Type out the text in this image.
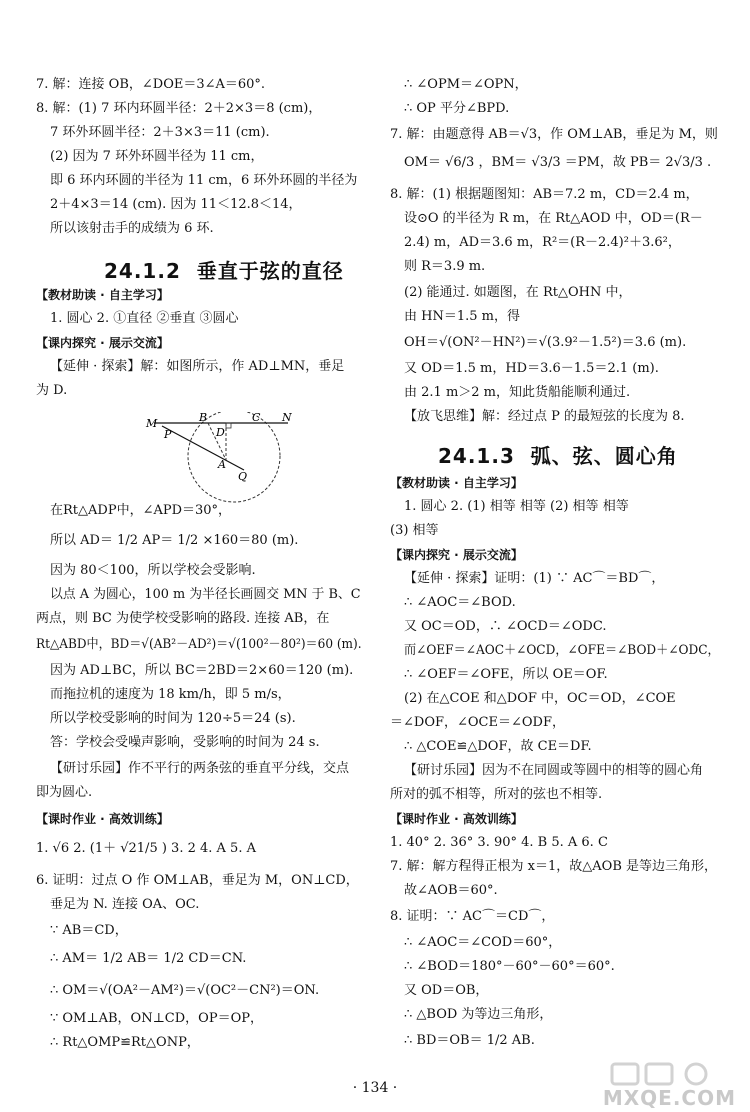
7. 解：连接 OB，∠DOE＝3∠A＝60°.
8. 解：(1) 7 环内环圆半径：2＋2×3＝8 (cm)，
7 环外环圆半径：2＋3×3＝11 (cm).
(2) 因为 7 环外环圆半径为 11 cm，
即 6 环内环圆的半径为 11 cm，6 环外环圆的半径为
2＋4×3＝14 (cm). 因为 11＜12.8＜14，
所以该射击手的成绩为 6 环.
【教材助读 · 自主学习】
1. 圆心 2. ①直径 ②垂直 ③圆心
【课内探究 · 展示交流】
【延伸 · 探索】解：如图所示，作 AD⊥MN，垂足
为 D.
在Rt△ADP中，∠APD＝30°，
所以 AD＝ 1/2 AP＝ 1/2 ×160＝80 (m).
因为 80＜100，所以学校会受影响.
以点 A 为圆心，100 m 为半径长画圆交 MN 于 B、C
两点，则 BC 为使学校受影响的路段. 连接 AB，在
Rt△ABD中，BD＝√(AB²－AD²)＝√(100²－80²)＝60 (m).
因为 AD⊥BC，所以 BC＝2BD＝2×60＝120 (m).
而拖拉机的速度为 18 km/h，即 5 m/s，
所以学校受影响的时间为 120÷5＝24 (s).
答：学校会受噪声影响，受影响的时间为 24 s.
【研讨乐园】作不平行的两条弦的垂直平分线，交点
即为圆心.
【课时作业 · 高效训练】
1. √6 2. (1＋ √21/5 ) 3. 2 4. A 5. A
6. 证明：过点 O 作 OM⊥AB，垂足为 M，ON⊥CD，
垂足为 N. 连接 OA、OC.
∵ AB＝CD，
∴ AM＝ 1/2 AB＝ 1/2 CD＝CN.
∴ OM＝√(OA²－AM²)＝√(OC²－CN²)＝ON.
∵ OM⊥AB，ON⊥CD，OP＝OP，
∴ Rt△OMP≌Rt△ONP，
∴ ∠OPM＝∠OPN，
∴ OP 平分∠BPD.
7. 解：由题意得 AB＝√3，作 OM⊥AB，垂足为 M，则
OM＝ √6/3 ，BM＝ √3/3 ＝PM，故 PB＝ 2√3/3 .
8. 解：(1) 根据题图知：AB＝7.2 m，CD＝2.4 m，
设⊙O 的半径为 R m，在 Rt△AOD 中，OD＝(R－
2.4) m，AD＝3.6 m，R²＝(R－2.4)²＋3.6²，
则 R＝3.9 m.
(2) 能通过. 如题图，在 Rt△OHN 中，
由 HN＝1.5 m，得
OH＝√(ON²－HN²)＝√(3.9²－1.5²)＝3.6 (m).
又 OD＝1.5 m，HD＝3.6－1.5＝2.1 (m).
由 2.1 m＞2 m，知此货船能顺利通过.
【放飞思维】解：经过点 P 的最短弦的长度为 8.
【教材助读 · 自主学习】
1. 圆心 2. (1) 相等 相等 (2) 相等 相等
(3) 相等
【课内探究 · 展示交流】
【延伸 · 探索】证明：(1) ∵ AC⌒＝BD⌒，
∴ ∠AOC＝∠BOD.
又 OC＝OD，∴ ∠OCD＝∠ODC.
而∠OEF＝∠AOC＋∠OCD，∠OFE＝∠BOD＋∠ODC，
∴ ∠OEF＝∠OFE，所以 OE＝OF.
(2) 在△COE 和△DOF 中，OC＝OD，∠COE
＝∠DOF，∠OCE＝∠ODF，
∴ △COE≌△DOF，故 CE＝DF.
【研讨乐园】因为不在同圆或等圆中的相等的圆心角
所对的弧不相等，所对的弦也不相等.
【课时作业 · 高效训练】
1. 40° 2. 36° 3. 90° 4. B 5. A 6. C
7. 解：解方程得正根为 x＝1，故△AOB 是等边三角形，
故∠AOB＝60°.
8. 证明：∵ AC⌒＝CD⌒，
∴ ∠AOC＝∠COD＝60°，
∴ ∠BOD＝180°－60°－60°＝60°.
又 OD＝OB，
∴ △BOD 为等边三角形，
∴ BD＝OB＝ 1/2 AB.
24.1.2 垂直于弦的直径
24.1.3 弧、弦、圆心角
M
P
B	C N
D
A
Q
· 134 ·	MXQE.COM
